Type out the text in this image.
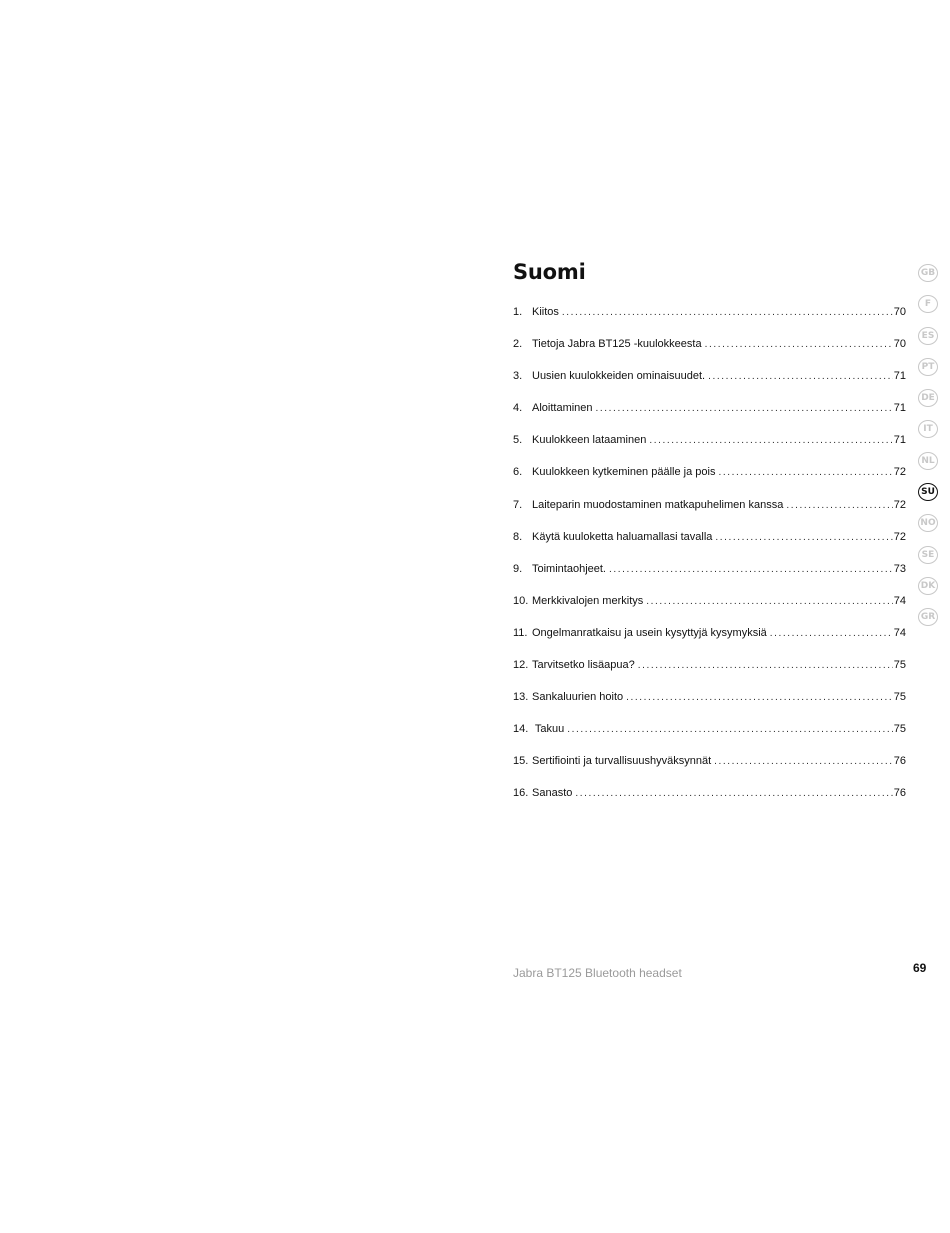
Suomi
1. Kiitos .....	70
2. Tietoja Jabra BT125 -kuulokkeesta .....	70
3. Uusien kuulokkeiden ominaisuudet. .....	71
4. Aloittaminen .....	71
5. Kuulokkeen lataaminen .....	71
6. Kuulokkeen kytkeminen päälle ja pois .....	72
7. Laiteparin muodostaminen matkapuhelimen kanssa .....	72
8. Käytä kuuloketta haluamallasi tavalla .....	72
9. Toimintaohjeet. .....	73
10. Merkkivalojen merkitys .....	74
11. Ongelmanratkaisu ja usein kysyttyjä kysymyksiä .....	74
12. Tarvitsetko lisäapua? .....	75
13. Sankaluurien hoito .....	75
14. Takuu .....	75
15. Sertifiointi ja turvallisuushyväksynnät .....	76
16. Sanasto .....	76
GB
F
ES
PT
DE
IT
NL
SU
NO
SE
DK
GR
Jabra BT125 Bluetooth headset	69
